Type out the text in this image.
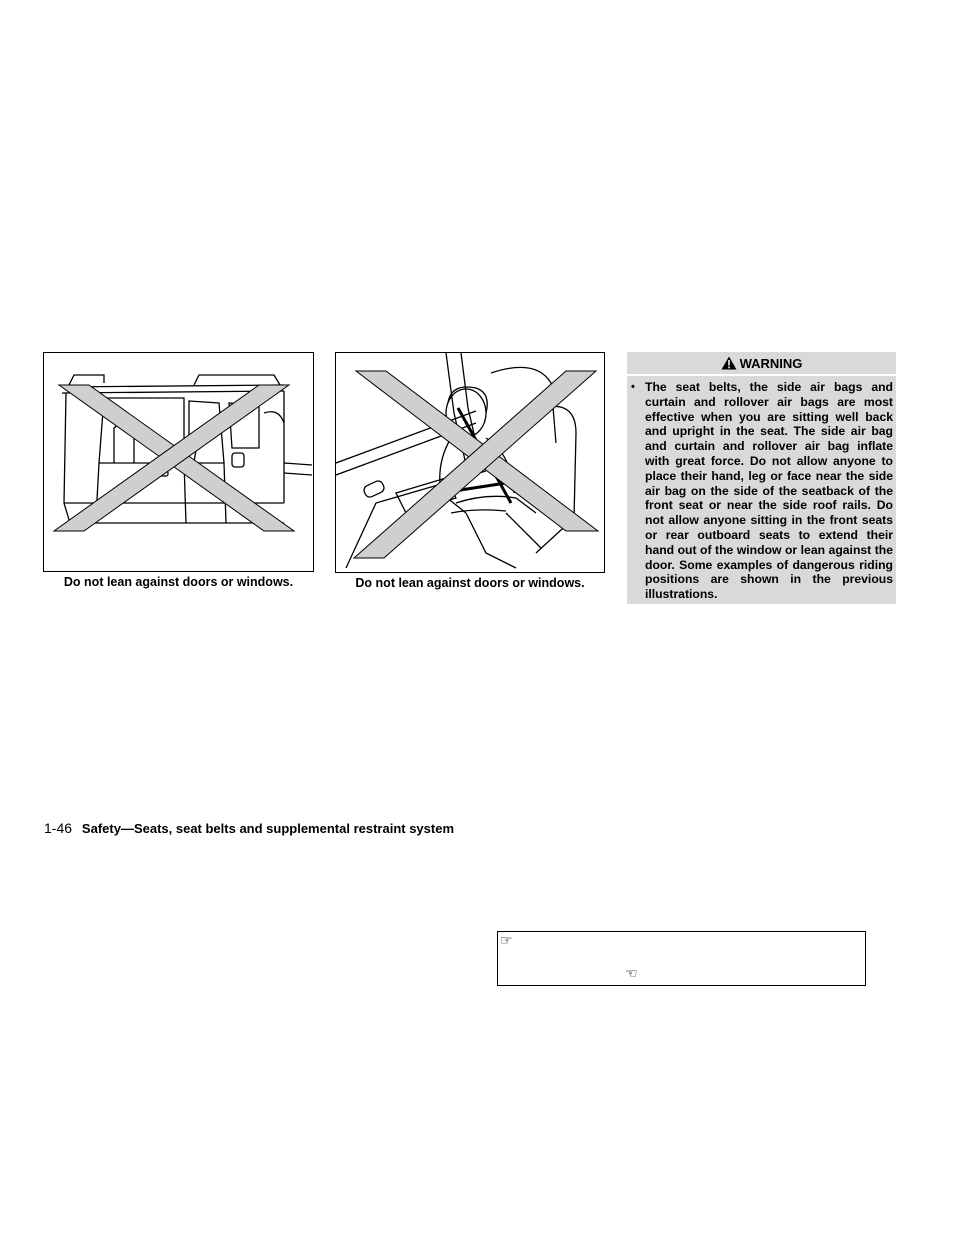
Do not lean against doors or windows.	Do not lean against doors or windows.
WARNING
• The seat belts, the side air bags and curtain and rollover air bags are most effective when you are sitting well back and upright in the seat. The side air bag and curtain and rollover air bag inflate with great force. Do not allow anyone to place their hand, leg or face near the side air bag on the side of the seatback of the front seat or near the side roof rails. Do not allow anyone sitting in the front seats or rear outboard seats to extend their hand out of the window or lean against the door. Some examples of dangerous riding positions are shown in the previous illustrations.
1-46 Safety—Seats, seat belts and supplemental restraint system
☞
☜
